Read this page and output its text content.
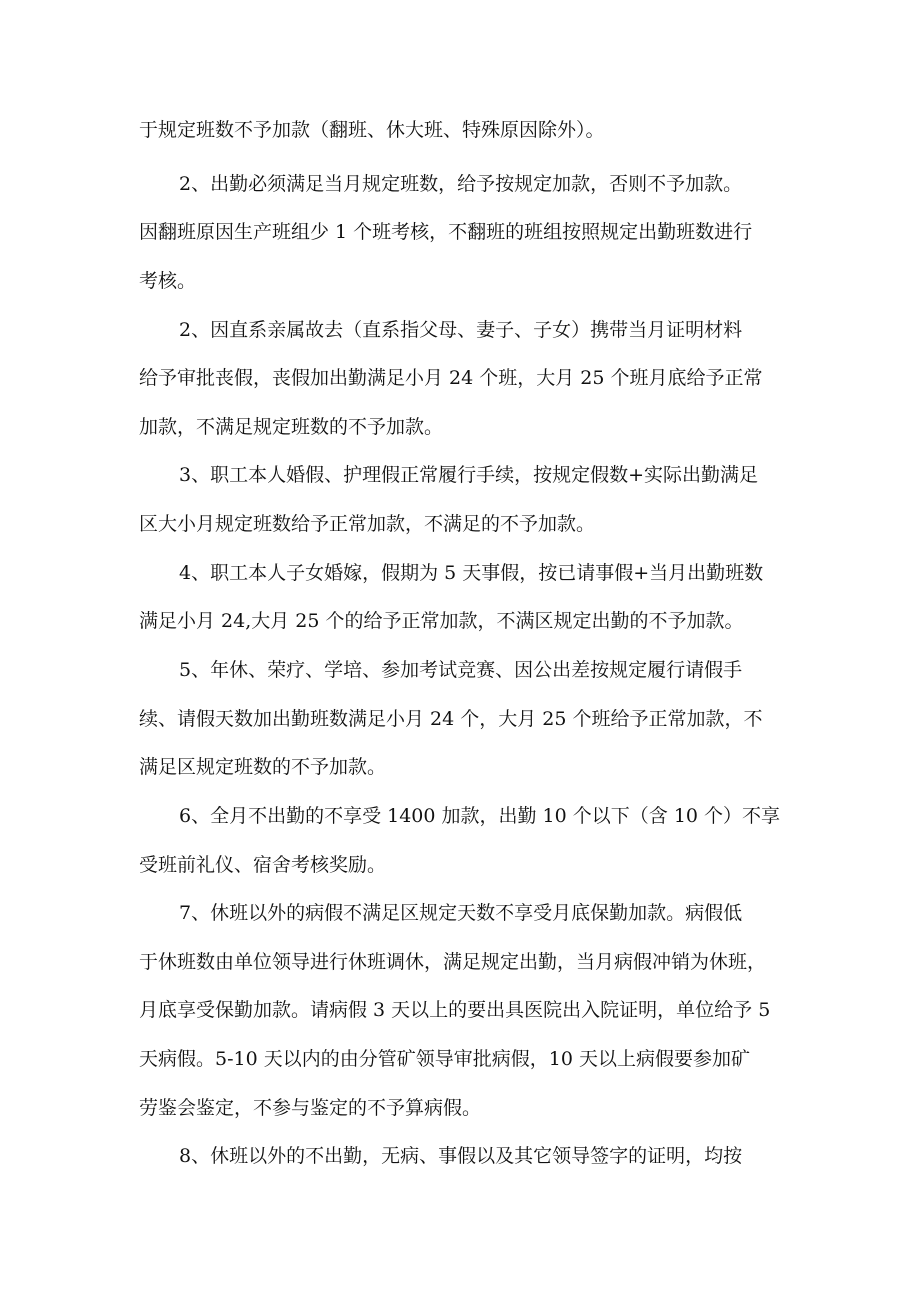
于规定班数不予加款（翻班、休大班、特殊原因除外）。
2、出勤必须满足当月规定班数，给予按规定加款，否则不予加款。
因翻班原因生产班组少 1 个班考核，不翻班的班组按照规定出勤班数进行
考核。
2、因直系亲属故去（直系指父母、妻子、子女）携带当月证明材料
给予审批丧假，丧假加出勤满足小月 24 个班，大月 25 个班月底给予正常
加款，不满足规定班数的不予加款。
3、职工本人婚假、护理假正常履行手续，按规定假数+实际出勤满足
区大小月规定班数给予正常加款，不满足的不予加款。
4、职工本人子女婚嫁，假期为 5 天事假，按已请事假+当月出勤班数
满足小月 24,大月 25 个的给予正常加款，不满区规定出勤的不予加款。
5、年休、荣疗、学培、参加考试竞赛、因公出差按规定履行请假手
续、请假天数加出勤班数满足小月 24 个，大月 25 个班给予正常加款，不
满足区规定班数的不予加款。
6、全月不出勤的不享受 1400 加款，出勤 10 个以下（含 10 个）不享
受班前礼仪、宿舍考核奖励。
7、休班以外的病假不满足区规定天数不享受月底保勤加款。病假低
于休班数由单位领导进行休班调休，满足规定出勤，当月病假冲销为休班，
月底享受保勤加款。请病假 3 天以上的要出具医院出入院证明，单位给予 5
天病假。5-10 天以内的由分管矿领导审批病假，10 天以上病假要参加矿
劳鉴会鉴定，不参与鉴定的不予算病假。
8、休班以外的不出勤，无病、事假以及其它领导签字的证明，均按
